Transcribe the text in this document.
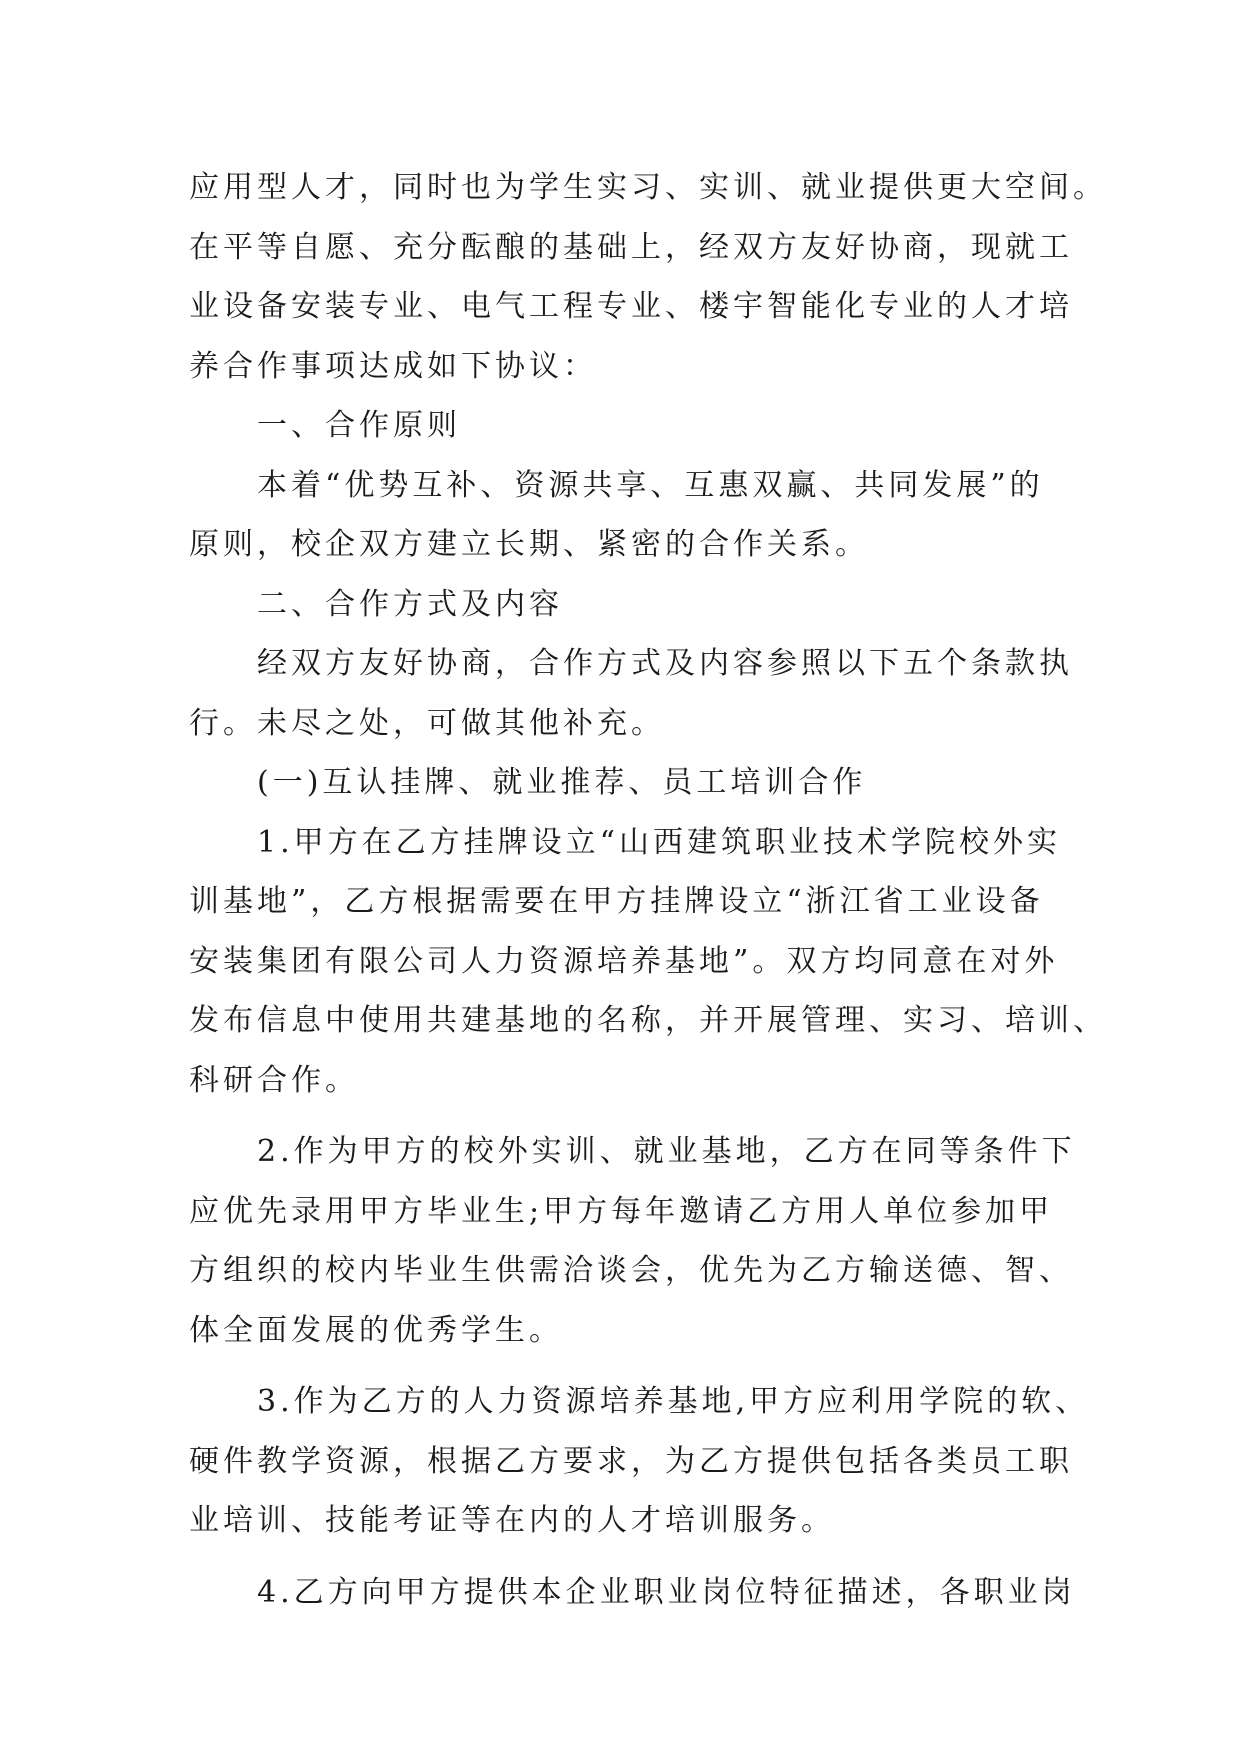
应用型人才，同时也为学生实习、实训、就业提供更大空间。
在平等自愿、充分酝酿的基础上，经双方友好协商，现就工
业设备安装专业、电气工程专业、楼宇智能化专业的人才培
养合作事项达成如下协议：
一、合作原则
本着“优势互补、资源共享、互惠双赢、共同发展”的
原则，校企双方建立长期、紧密的合作关系。
二、合作方式及内容
经双方友好协商，合作方式及内容参照以下五个条款执
行。未尽之处，可做其他补充。
(一)互认挂牌、就业推荐、员工培训合作
1.甲方在乙方挂牌设立“山西建筑职业技术学院校外实
训基地”，乙方根据需要在甲方挂牌设立“浙江省工业设备
安装集团有限公司人力资源培养基地”。双方均同意在对外
发布信息中使用共建基地的名称，并开展管理、实习、培训、
科研合作。
2.作为甲方的校外实训、就业基地，乙方在同等条件下
应优先录用甲方毕业生;甲方每年邀请乙方用人单位参加甲
方组织的校内毕业生供需洽谈会，优先为乙方输送德、智、
体全面发展的优秀学生。
3.作为乙方的人力资源培养基地,甲方应利用学院的软、
硬件教学资源，根据乙方要求，为乙方提供包括各类员工职
业培训、技能考证等在内的人才培训服务。
4.乙方向甲方提供本企业职业岗位特征描述，各职业岗
